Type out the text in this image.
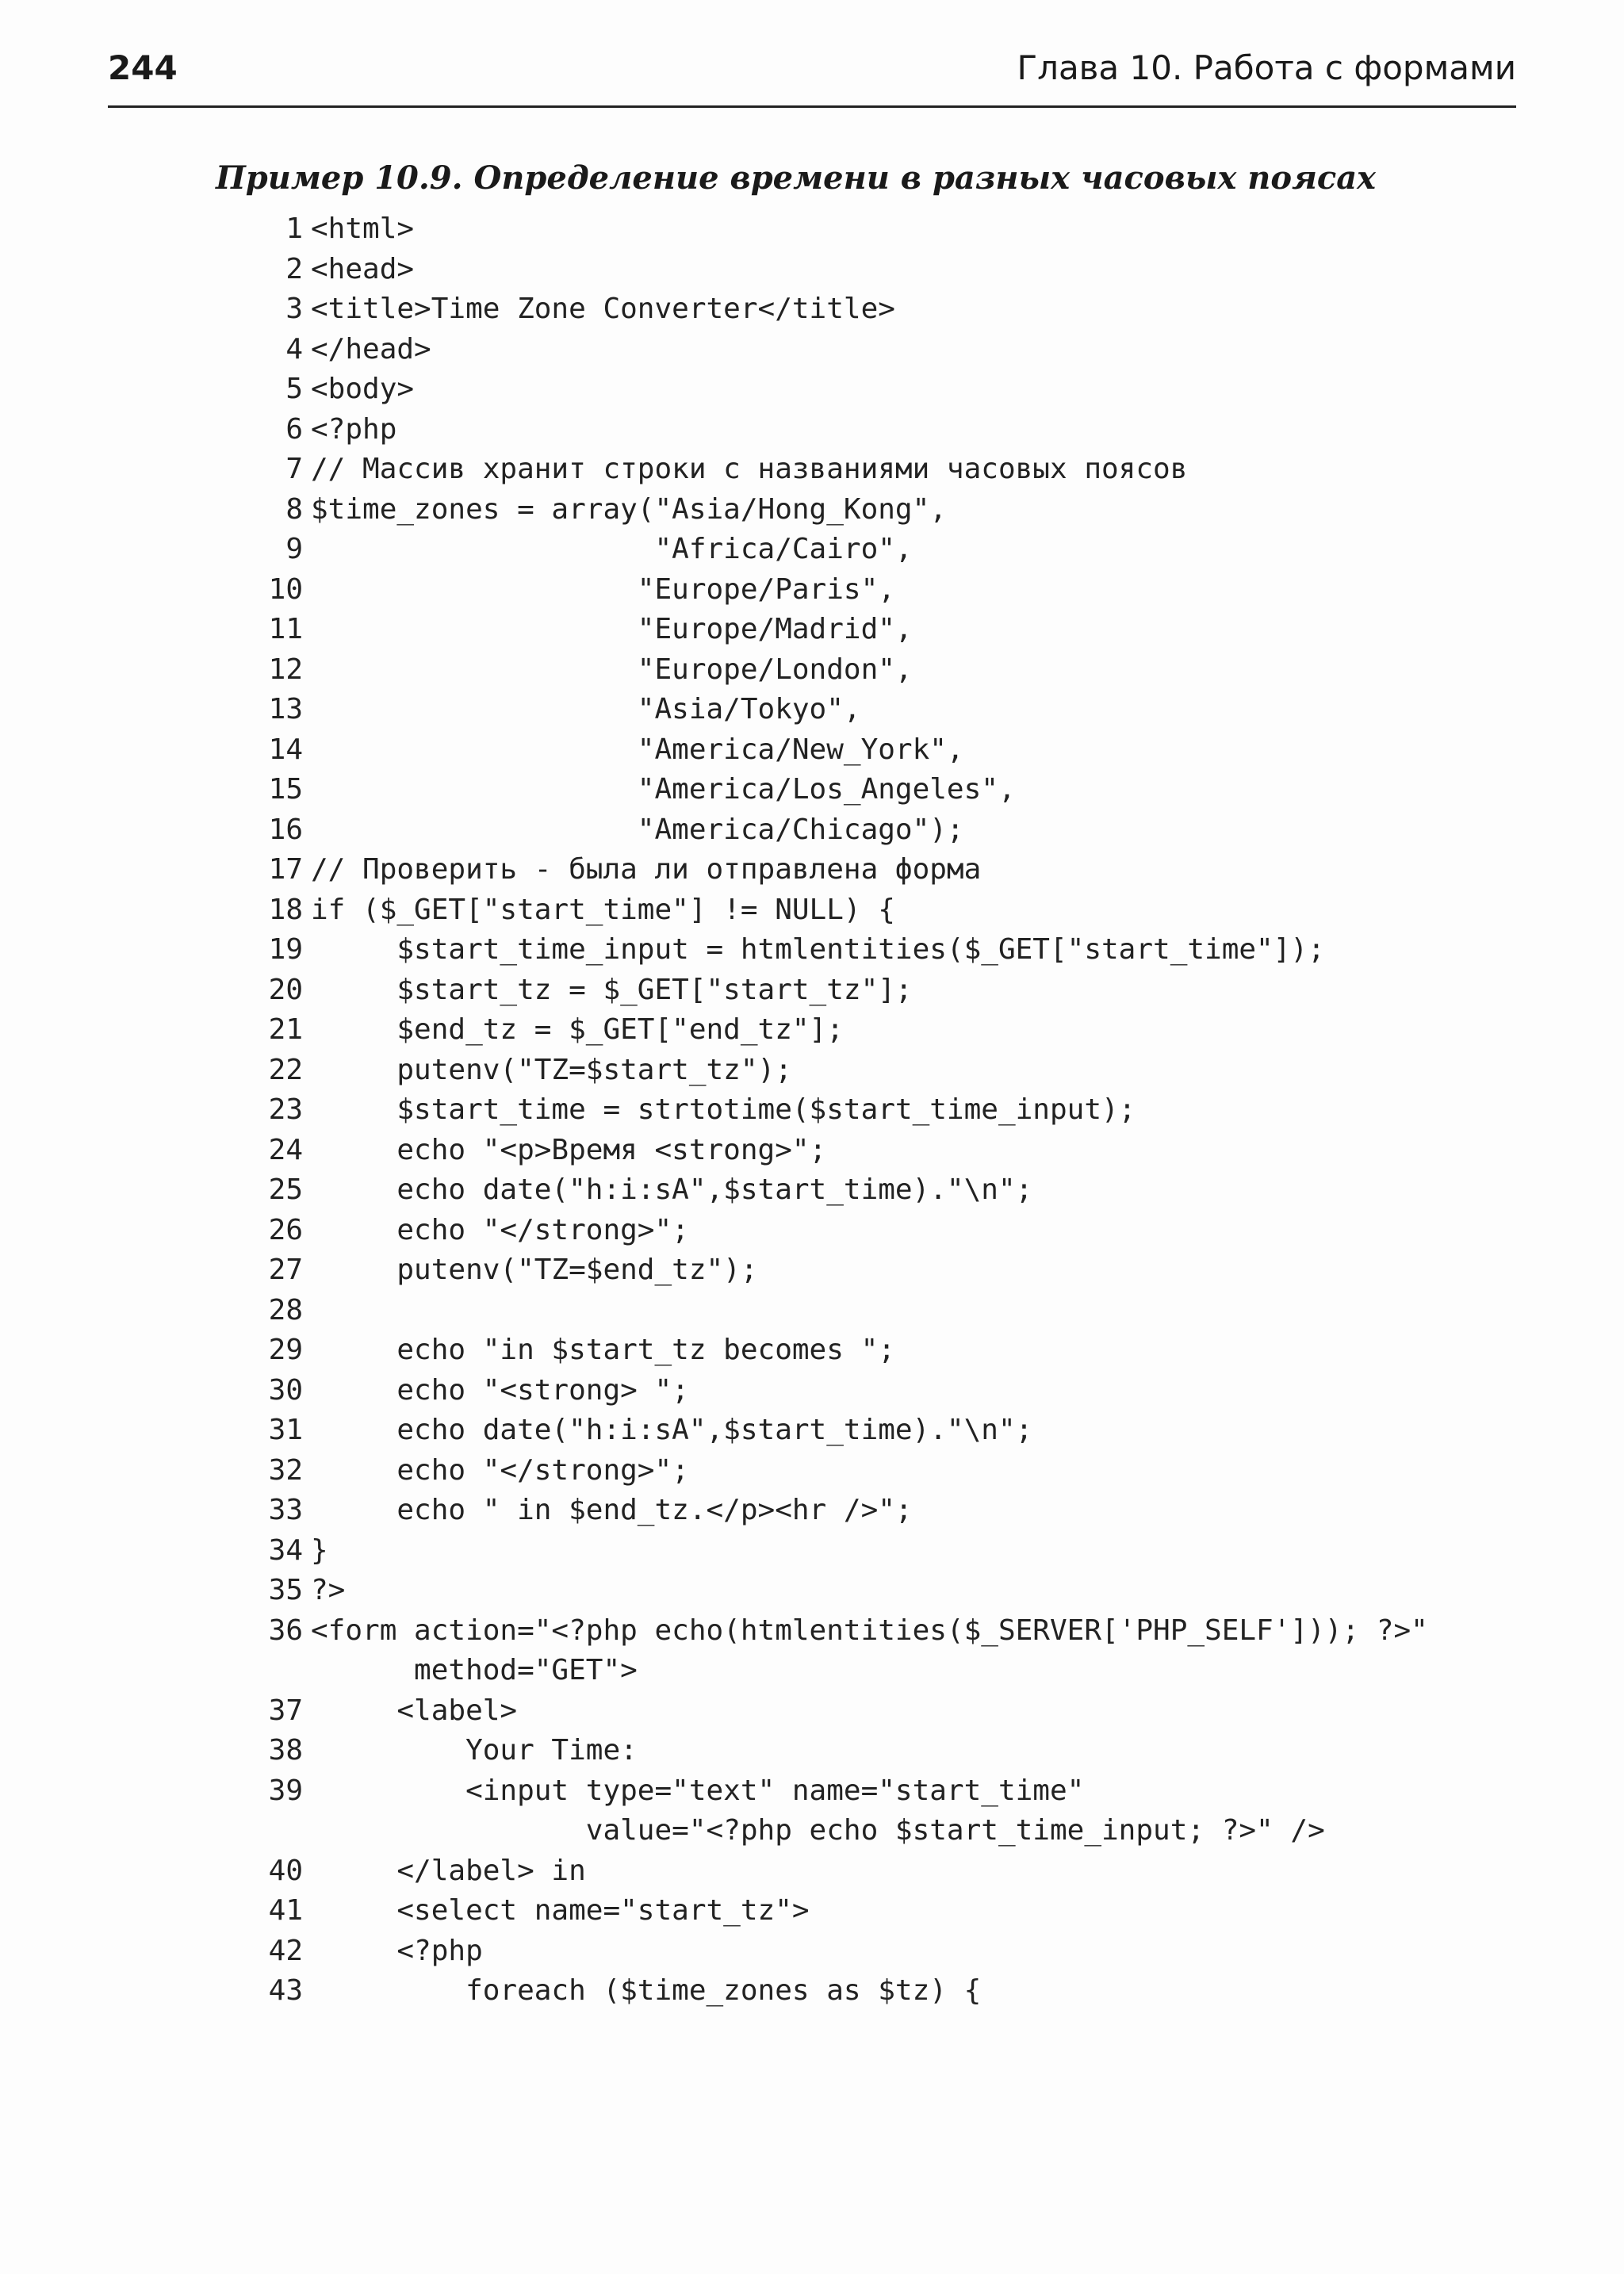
244	Глава 10. Работа с формами
Пример 10.9. Определение времени в разных часовых поясах
1 <html>
2 <head>
3 <title>Time Zone Converter</title>
4 </head>
5 <body>
6 <?php
7 // Массив хранит строки с названиями часовых поясов
8 $time_zones = array("Asia/Hong_Kong",
9                    "Africa/Cairo",
10                   "Europe/Paris",
11                   "Europe/Madrid",
12                   "Europe/London",
13                   "Asia/Tokyo",
14                   "America/New_York",
15                   "America/Los_Angeles",
16                   "America/Chicago");
17 // Проверить - была ли отправлена форма
18 if ($_GET["start_time"] != NULL) {
19     $start_time_input = htmlentities($_GET["start_time"]);
20     $start_tz = $_GET["start_tz"];
21     $end_tz = $_GET["end_tz"];
22     putenv("TZ=$start_tz");
23     $start_time = strtotime($start_time_input);
24     echo "<p>Время <strong>";
25     echo date("h:i:sA",$start_time)."\n";
26     echo "</strong>";
27     putenv("TZ=$end_tz");
28
29     echo "in $start_tz becomes ";
30     echo "<strong> ";
31     echo date("h:i:sA",$start_time)."\n";
32     echo "</strong>";
33     echo " in $end_tz.</p><hr />";
34 }
35 ?>
36 <form action="<?php echo(htmlentities($_SERVER['PHP_SELF'])); ?>"
method="GET">
37     <label>
38         Your Time:
39         <input type="text" name="start_time"
value="<?php echo $start_time_input; ?>" />
40     </label> in
41     <select name="start_tz">
42     <?php
43         foreach ($time_zones as $tz) {
